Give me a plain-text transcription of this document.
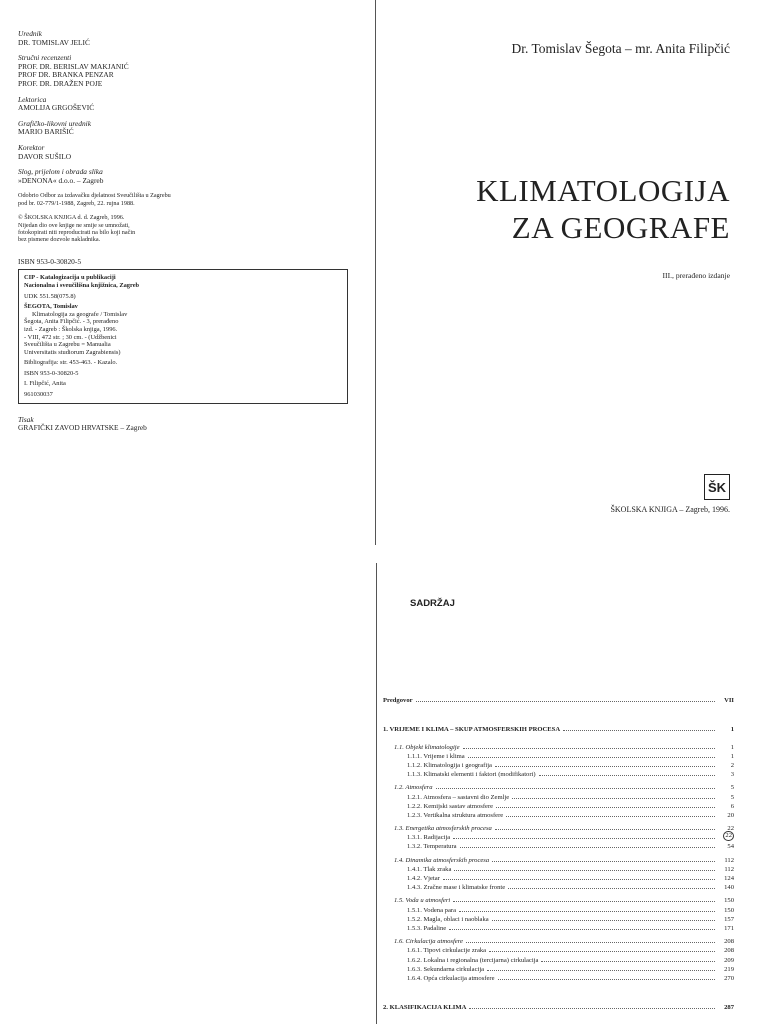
Urednik
DR. TOMISLAV JELIĆ
Stručni recenzenti
PROF. DR. BERISLAV MAKJANIĆ
PROF DR. BRANKA PENZAR
PROF. DR. DRAŽEN POJE
Lektorica
AMOLIJA GRGOŠEVIĆ
Grafičko-likovni urednik
MARIO BARIŠIĆ
Korektor
DAVOR SUŠILO
Slog, prijelom i obrada slika
»DENONA« d.o.o. – Zagreb
Odobrio Odbor za izdavačku djelatnost Sveučilišta u Zagrebu
pod br. 02-779/1-1988, Zagreb, 22. rujna 1988.
© ŠKOLSKA KNJIGA d. d. Zagreb, 1996.
Nijedan dio ove knjige ne smije se umnožati,
fotokopirati niti reproducirati na bilo koji način
bez pismene dozvole nakladnika.
ISBN 953-0-30820-5
CIP - Katalogizacija u publikaciji
Nacionalna i sveučilišna knjižnica, Zagreb
UDK 551.58(075.8)
ŠEGOTA, Tomislav
Klimatologija za geografe / Tomislav
Šegota, Anita Filipčić. - 3, prerađeno
izd. - Zagreb : Školska knjiga, 1996.
- VIII, 472 str. ; 30 cm. - (Udžbenici
Sveučilišta u Zagrebu = Manualia
Universitatis studiorum Zagrabiensis)
Bibliografija: str. 453-463. - Kazalo.
ISBN 953-0-30820-5
I. Filipčić, Anita
961030037
Tisak
GRAFIČKI ZAVOD HRVATSKE – Zagreb
Dr. Tomislav Šegota – mr. Anita Filipčić
KLIMATOLOGIJA
ZA GEOGRAFE
III., prerađeno izdanje
ŠK
ŠKOLSKA KNJIGA – Zagreb, 1996.
SADRŽAJ
Predgovor	VII
1. VRIJEME I KLIMA – SKUP ATMOSFERSKIH PROCESA	1
1.1. Objekt klimatologije	1
1.1.1. Vrijeme i klima	1
1.1.2. Klimatologija i geografija	2
1.1.3. Klimatski elementi i faktori (modifikatori)	3
1.2. Atmosfera	5
1.2.1. Atmosfera – sastavni dio Zemlje	5
1.2.2. Kemijski sastav atmosfere	6
1.2.3. Vertikalna struktura atmosfere	20
1.3. Energetika atmosferskih procesa	22
1.3.1. Radijacija	22
1.3.2. Temperatura	54
1.4. Dinamika atmosferskih procesa	112
1.4.1. Tlak zraka	112
1.4.2. Vjetar	124
1.4.3. Zračne mase i klimatske fronte	140
1.5. Voda u atmosferi	150
1.5.1. Vodena para	150
1.5.2. Magla, oblaci i naoblaka	157
1.5.3. Padaline	171
1.6. Cirkulacija atmosfere	208
1.6.1. Tipovi cirkulacije zraka	208
1.6.2. Lokalna i regionalna (tercijarna) cirkulacija	209
1.6.3. Sekundarna cirkulacija	219
1.6.4. Opća cirkulacija atmosfere	270
2. KLASIFIKACIJA KLIMA	287
